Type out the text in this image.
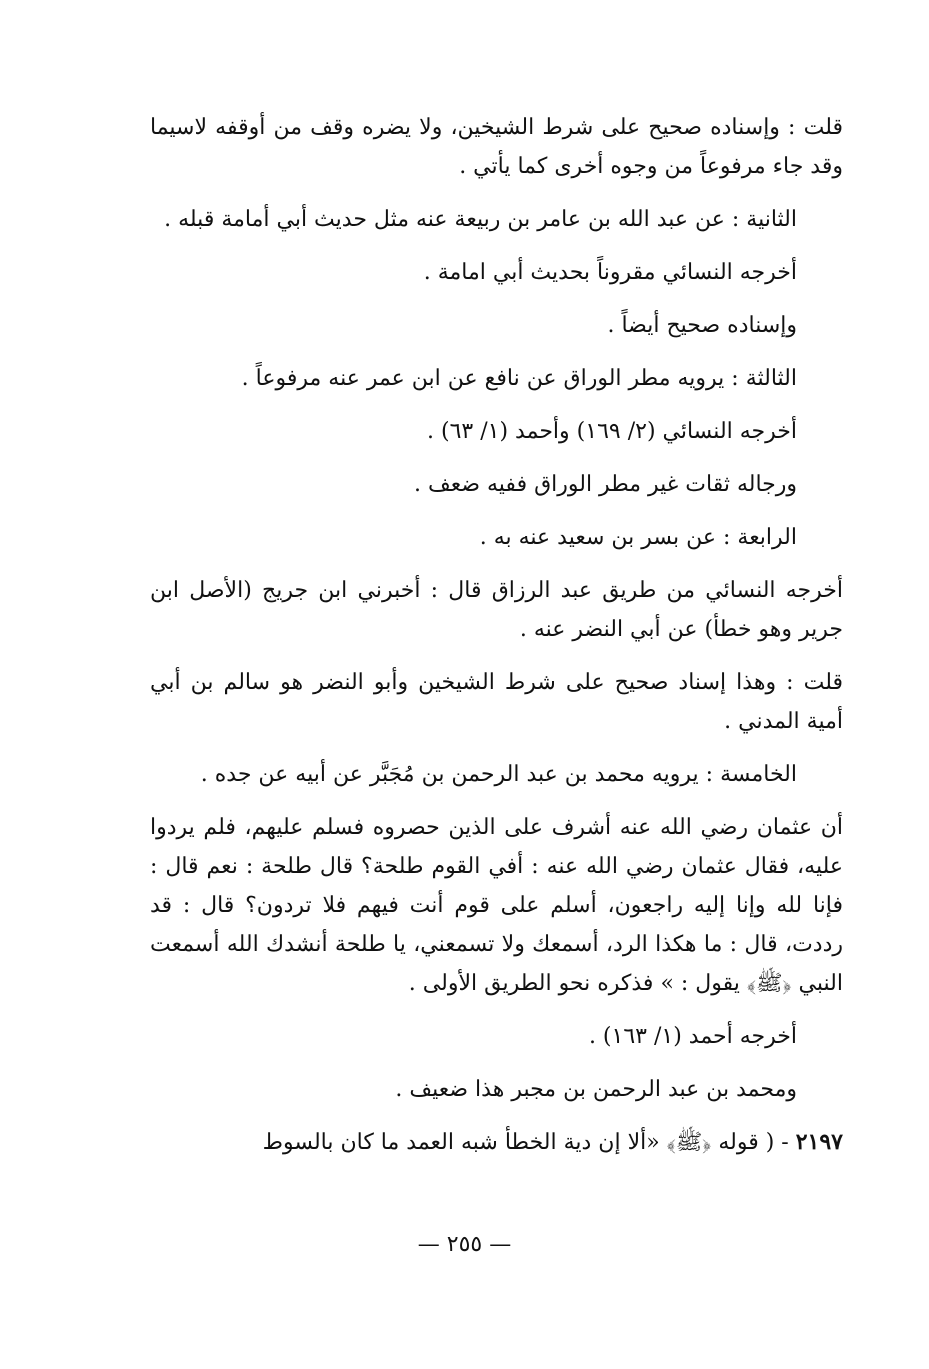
قلت : وإسناده صحيح على شرط الشيخين، ولا يضره وقف من أوقفه لاسيما وقد جاء مرفوعاً من وجوه أخرى كما يأتي .

الثانية : عن عبد الله بن عامر بن ربيعة عنه مثل حديث أبي أمامة قبله .

أخرجه النسائي مقروناً بحديث أبي امامة .

وإسناده صحيح أيضاً .

الثالثة : يرويه مطر الوراق عن نافع عن ابن عمر عنه مرفوعاً .

أخرجه النسائي (٢/ ١٦٩) وأحمد (١/ ٦٣) .

ورجاله ثقات غير مطر الوراق ففيه ضعف .

الرابعة : عن بسر بن سعيد عنه به .

أخرجه النسائي من طريق عبد الرزاق قال : أخبرني ابن جريج (الأصل ابن جرير وهو خطأ) عن أبي النضر عنه .

قلت : وهذا إسناد صحيح على شرط الشيخين وأبو النضر هو سالم بن أبي أمية المدني .

الخامسة : يرويه محمد بن عبد الرحمن بن مُجَبَّر عن أبيه عن جده .

أن عثمان رضي الله عنه أشرف على الذين حصروه فسلم عليهم، فلم يردوا عليه، فقال عثمان رضي الله عنه : أفي القوم طلحة؟ قال طلحة : نعم قال : فإنا لله وإنا إليه راجعون، أسلم على قوم أنت فيهم فلا تردون؟ قال : قد رددت، قال : ما هكذا الرد، أسمعك ولا تسمعني، يا طلحة أنشدك الله أسمعت النبي ﴿ﷺ﴾ يقول : » فذكره نحو الطريق الأولى .

أخرجه أحمد (١/ ١٦٣) .

ومحمد بن عبد الرحمن بن مجبر هذا ضعيف .

٢١٩٧ - ( قوله ﴿ﷺ﴾ «ألا إن دية الخطأ شبه العمد ما كان بالسوط

— ٢٥٥ —
